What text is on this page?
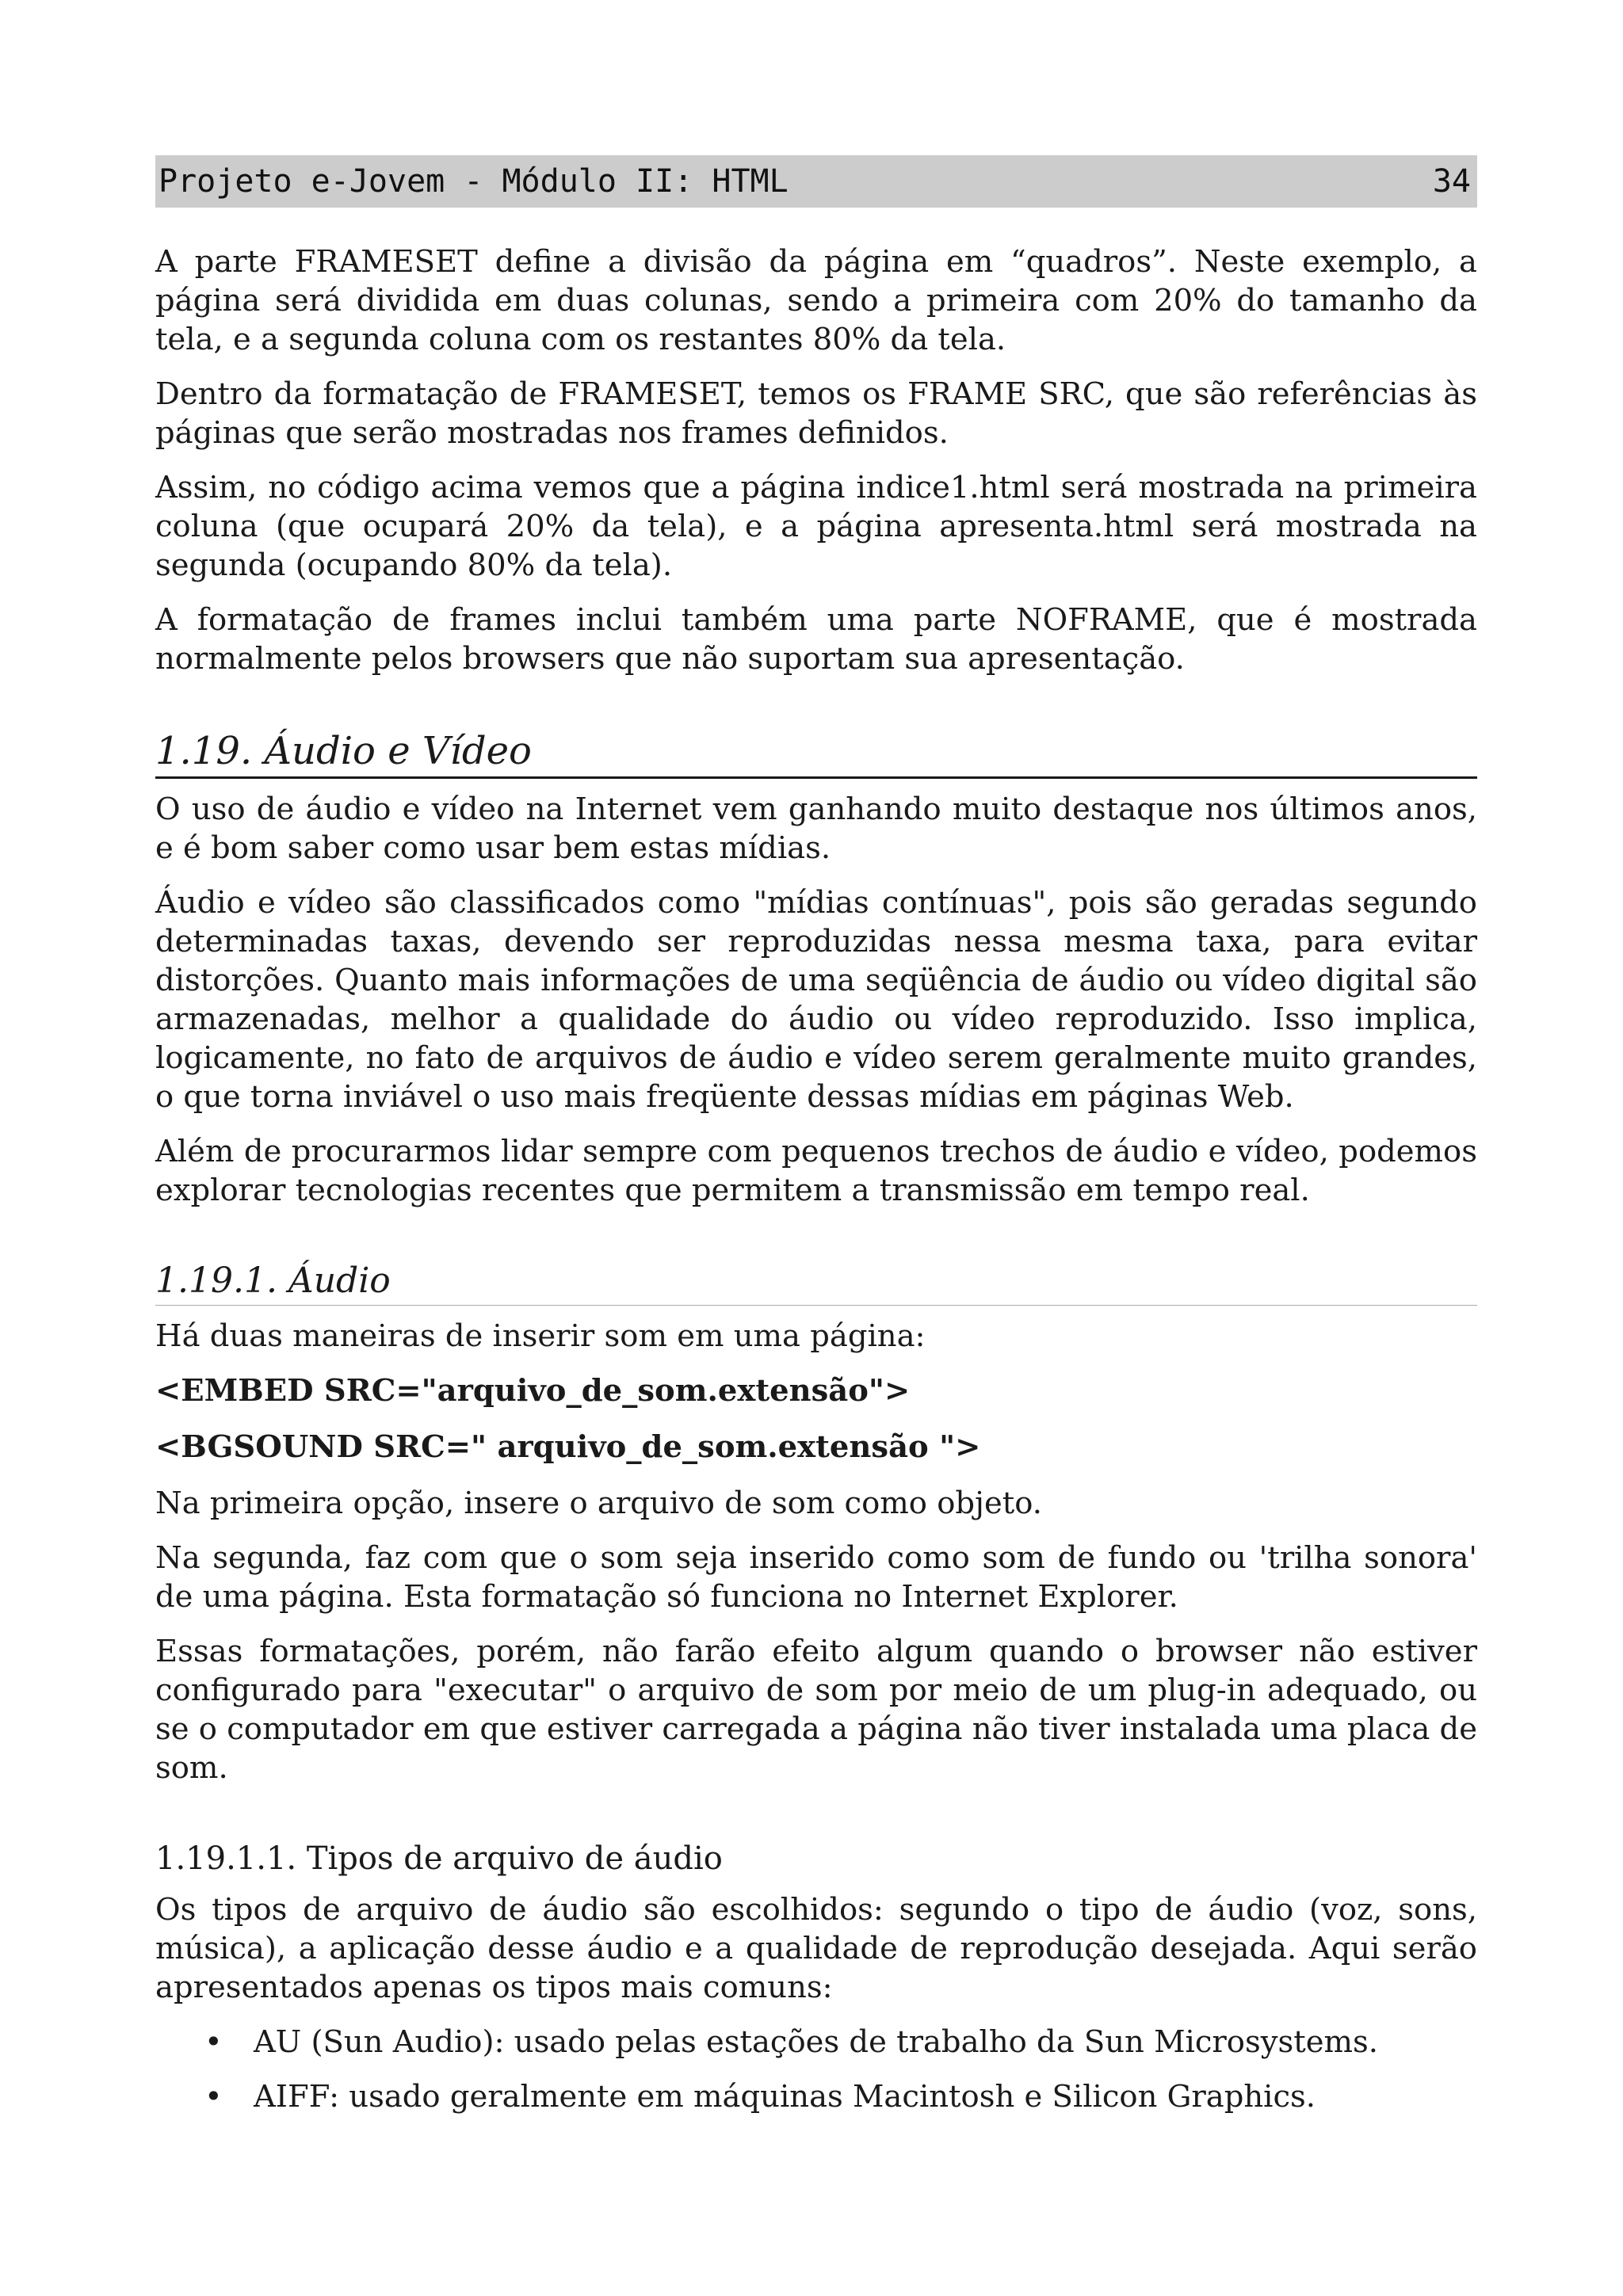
Projeto e-Jovem - Módulo II: HTML	34

A parte FRAMESET define a divisão da página em “quadros”. Neste exemplo, a página será dividida em duas colunas, sendo a primeira com 20% do tamanho da tela, e a segunda coluna com os restantes 80% da tela.

Dentro da formatação de FRAMESET, temos os FRAME SRC, que são referências às páginas que serão mostradas nos frames definidos.

Assim, no código acima vemos que a página indice1.html será mostrada na primeira coluna (que ocupará 20% da tela), e a página apresenta.html será mostrada na segunda (ocupando 80% da tela).

A formatação de frames inclui também uma parte NOFRAME, que é mostrada normalmente pelos browsers que não suportam sua apresentação.

1.19. Áudio e Vídeo

O uso de áudio e vídeo na Internet vem ganhando muito destaque nos últimos anos, e é bom saber como usar bem estas mídias.

Áudio e vídeo são classificados como "mídias contínuas", pois são geradas segundo determinadas taxas, devendo ser reproduzidas nessa mesma taxa, para evitar distorções. Quanto mais informações de uma seqüência de áudio ou vídeo digital são armazenadas, melhor a qualidade do áudio ou vídeo reproduzido. Isso implica, logicamente, no fato de arquivos de áudio e vídeo serem geralmente muito grandes, o que torna inviável o uso mais freqüente dessas mídias em páginas Web.

Além de procurarmos lidar sempre com pequenos trechos de áudio e vídeo, podemos explorar tecnologias recentes que permitem a transmissão em tempo real.

1.19.1. Áudio

Há duas maneiras de inserir som em uma página:

<EMBED SRC="arquivo_de_som.extensão">

<BGSOUND SRC=" arquivo_de_som.extensão ">

Na primeira opção, insere o arquivo de som como objeto.

Na segunda, faz com que o som seja inserido como som de fundo ou 'trilha sonora' de uma página. Esta formatação só funciona no Internet Explorer.

Essas formatações, porém, não farão efeito algum quando o browser não estiver configurado para "executar" o arquivo de som por meio de um plug-in adequado, ou se o computador em que estiver carregada a página não tiver instalada uma placa de som.

1.19.1.1. Tipos de arquivo de áudio

Os tipos de arquivo de áudio são escolhidos: segundo o tipo de áudio (voz, sons, música), a aplicação desse áudio e a qualidade de reprodução desejada. Aqui serão apresentados apenas os tipos mais comuns:

•	AU (Sun Audio): usado pelas estações de trabalho da Sun Microsystems.
•	AIFF: usado geralmente em máquinas Macintosh e Silicon Graphics.
